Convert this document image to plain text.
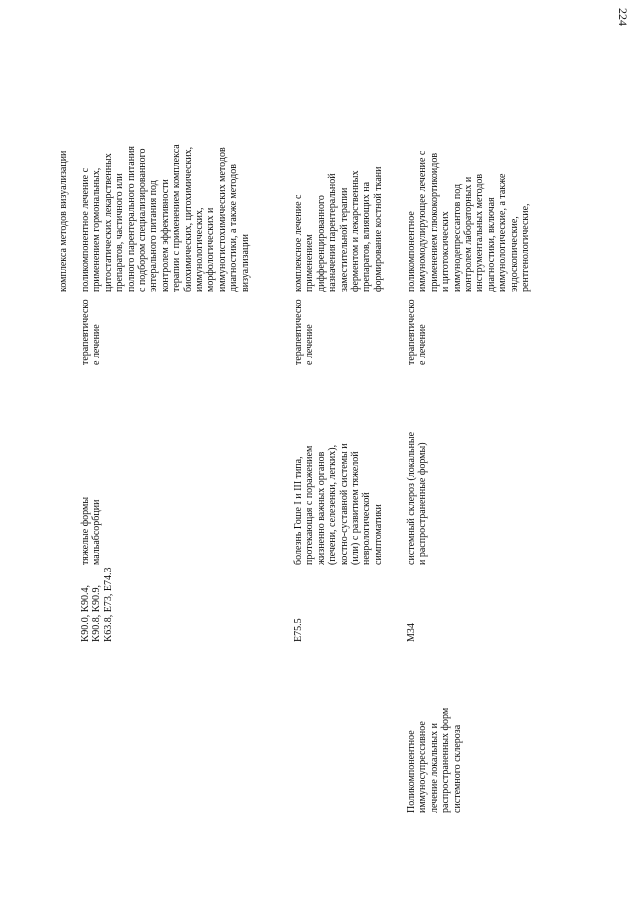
224
комплекса методов визуализации
K90.0, K90.4,
K90.8, K90.9,
K63.8, E73, E74.3
тяжелые формы
мальабсорбции
терапевтическо
е лечение
поликомпонентное лечение с
применением гормональных,
цитостатических лекарственных
препаратов, частичного или
полного парентерального питания
с подбором специализированного
энтерального питания под
контролем эффективности
терапии с применением комплекса
биохимических, цитохимических,
иммунологических,
морфологических и
иммуногистохимических методов
диагностики, а также методов
визуализации
E75.5
болезнь Гоше I и III типа,
протекающая с поражением
жизненно важных органов
(печени, селезенки, легких),
костно-суставной системы и
(или) с развитием тяжелой
неврологической
симптоматики
терапевтическо
е лечение
комплексное лечение с
применением
дифференцированного
назначения парентеральной
заместительной терапии
ферментом и лекарственных
препаратов, влияющих на
формирование костной ткани
Поликомпонентное
иммуносупрессивное
лечение локальных и
распространенных форм
системного склероза
M34
системный склероз (локальные
и распространенные формы)
терапевтическо
е лечение
поликомпонентное
иммуномодулирующее лечение с
применением глюкокортикоидов
и цитотоксических
иммунодепрессантов под
контролем лабораторных и
инструментальных методов
диагностики, включая
иммунологические, а также
эндоскопические,
рентгенологические,
